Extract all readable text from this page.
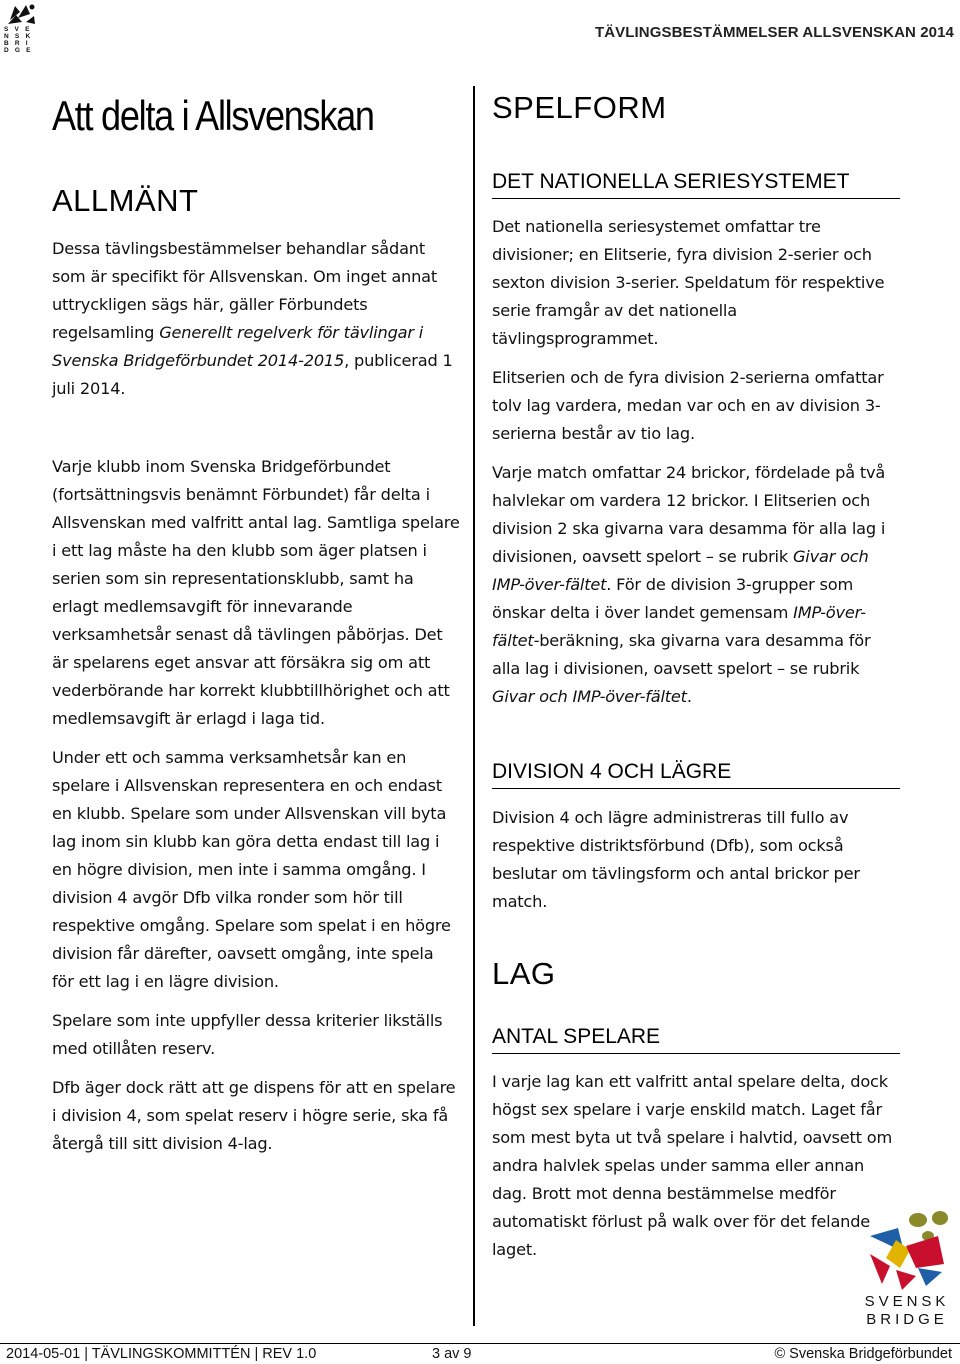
S V E N S K
B R I D G E
TÄVLINGSBESTÄMMELSER ALLSVENSKAN 2014
Att delta i Allsvenskan
ALLMÄNT
Dessa tävlingsbestämmelser behandlar sådant som är specifikt för Allsvenskan. Om inget annat uttryckligen sägs här, gäller Förbundets regelsamling Generellt regelverk för tävlingar i Svenska Bridgeförbundet 2014-2015, publicerad 1 juli 2014.
Varje klubb inom Svenska Bridgeförbundet (fortsättningsvis benämnt Förbundet) får delta i Allsvenskan med valfritt antal lag. Samtliga spelare i ett lag måste ha den klubb som äger platsen i serien som sin representationsklubb, samt ha erlagt medlemsavgift för innevarande verksamhetsår senast då tävlingen påbörjas. Det är spelarens eget ansvar att försäkra sig om att vederbörande har korrekt klubbtillhörighet och att medlemsavgift är erlagd i laga tid.
Under ett och samma verksamhetsår kan en spelare i Allsvenskan representera en och endast en klubb. Spelare som under Allsvenskan vill byta lag inom sin klubb kan göra detta endast till lag i en högre division, men inte i samma omgång. I division 4 avgör Dfb vilka ronder som hör till respektive omgång. Spelare som spelat i en högre division får därefter, oavsett omgång, inte spela för ett lag i en lägre division.
Spelare som inte uppfyller dessa kriterier likställs med otillåten reserv.
Dfb äger dock rätt att ge dispens för att en spelare i division 4, som spelat reserv i högre serie, ska få återgå till sitt division 4-lag.
SPELFORM
DET NATIONELLA SERIESYSTEMET
Det nationella seriesystemet omfattar tre divisioner; en Elitserie, fyra division 2-serier och sexton division 3-serier. Speldatum för respektive serie framgår av det nationella tävlingsprogrammet.
Elitserien och de fyra division 2-serierna omfattar tolv lag vardera, medan var och en av division 3-serierna består av tio lag.
Varje match omfattar 24 brickor, fördelade på två halvlekar om vardera 12 brickor. I Elitserien och division 2 ska givarna vara desamma för alla lag i divisionen, oavsett spelort – se rubrik Givar och IMP-över-fältet. För de division 3-grupper som önskar delta i över landet gemensam IMP-över-fältet-beräkning, ska givarna vara desamma för alla lag i divisionen, oavsett spelort – se rubrik Givar och IMP-över-fältet.
DIVISION 4 OCH LÄGRE
Division 4 och lägre administreras till fullo av respektive distriktsförbund (Dfb), som också beslutar om tävlingsform och antal brickor per match.
LAG
ANTAL SPELARE
I varje lag kan ett valfritt antal spelare delta, dock högst sex spelare i varje enskild match. Laget får som mest byta ut två spelare i halvtid, oavsett om andra halvlek spelas under samma eller annan dag. Brott mot denna bestämmelse medför automatiskt förlust på walk over för det felande laget.
SVENSK
BRIDGE
2014-05-01 | TÄVLINGSKOMMITTÉN | REV 1.0	3 av 9	© Svenska Bridgeförbundet
